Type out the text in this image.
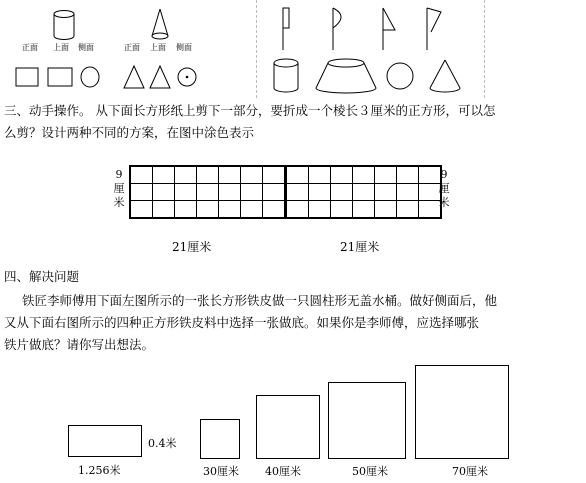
正面 上面 侧面	正面 上面 侧面
三、动手操作。 从下面长方形纸上剪下一部分，要折成一个棱长３厘米的正方形，可以怎
么剪？设计两种不同的方案，在图中涂色表示
9
厘
米

21厘米

9
厘
米
21厘米
四、解决问题
铁匠李师傅用下面左图所示的一张长方形铁皮做一只圆柱形无盖水桶。做好侧面后，他
又从下面右图所示的四种正方形铁皮料中选择一张做底。如果你是李师傅，应选择哪张
铁片做底？请你写出想法。
0.4米
1.256米	30厘米 40厘米	50厘米	70厘米
